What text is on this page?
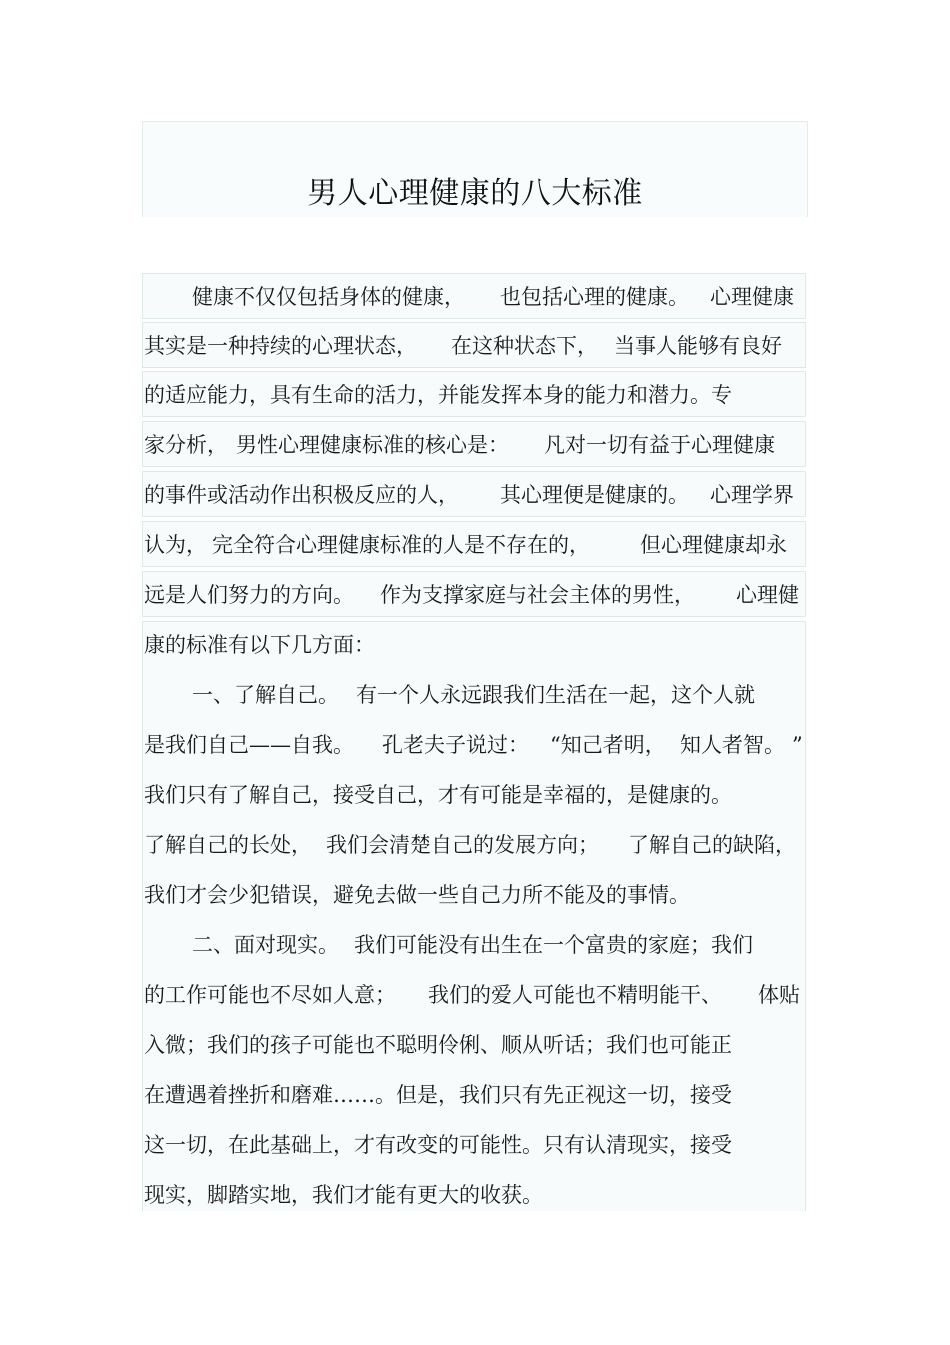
男人心理健康的八大标准
健康不仅仅包括身体的健康， 也包括心理的健康。 心理健康
其实是一种持续的心理状态， 在这种状态下， 当事人能够有良好
的适应能力，具有生命的活力，并能发挥本身的能力和潜力。专
家分析， 男性心理健康标准的核心是： 凡对一切有益于心理健康
的事件或活动作出积极反应的人， 其心理便是健康的。 心理学界
认为， 完全符合心理健康标准的人是不存在的， 但心理健康却永
远是人们努力的方向。 作为支撑家庭与社会主体的男性， 心理健
康的标准有以下几方面：
一、了解自己。 有一个人永远跟我们生活在一起，这个人就
是我们自己——自我。 孔老夫子说过： “知己者明， 知人者智。 ”
我们只有了解自己，接受自己，才有可能是幸福的，是健康的。
了解自己的长处， 我们会清楚自己的发展方向； 了解自己的缺陷，
我们才会少犯错误，避免去做一些自己力所不能及的事情。
二、面对现实。 我们可能没有出生在一个富贵的家庭；我们
的工作可能也不尽如人意； 我们的爱人可能也不精明能干、 体贴
入微；我们的孩子可能也不聪明伶俐、顺从听话；我们也可能正
在遭遇着挫折和磨难……。但是，我们只有先正视这一切，接受
这一切，在此基础上，才有改变的可能性。只有认清现实，接受
现实，脚踏实地，我们才能有更大的收获。
